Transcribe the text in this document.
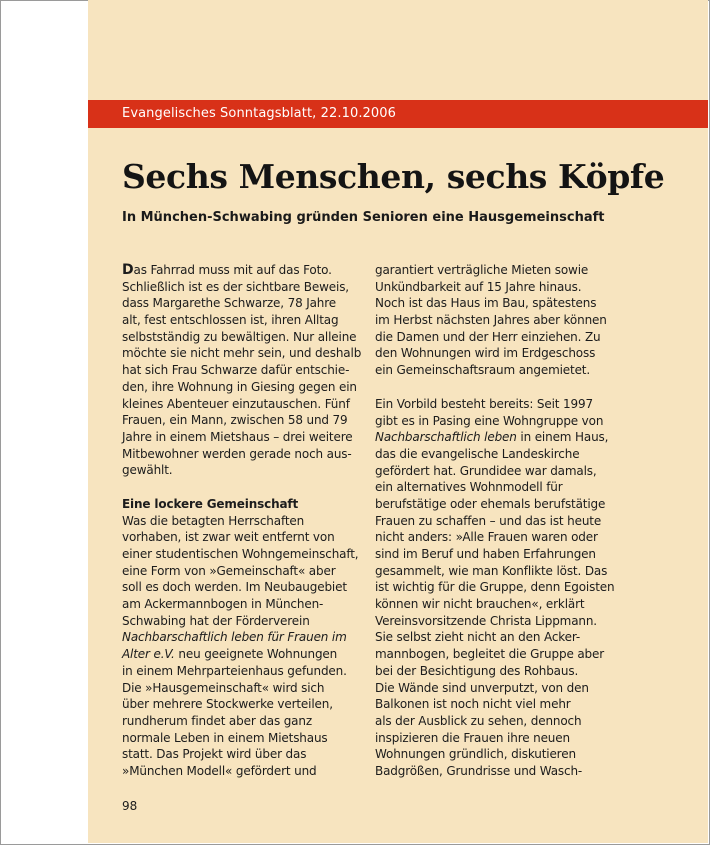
Evangelisches Sonntagsblatt, 22.10.2006
Sechs Menschen, sechs Köpfe
In München-Schwabing gründen Senioren eine Hausgemeinschaft
Das Fahrrad muss mit auf das Foto.
Schließlich ist es der sichtbare Beweis,
dass Margarethe Schwarze, 78 Jahre
alt, fest entschlossen ist, ihren Alltag
selbstständig zu bewältigen. Nur alleine
möchte sie nicht mehr sein, und deshalb
hat sich Frau Schwarze dafür entschie-
den, ihre Wohnung in Giesing gegen ein
kleines Abenteuer einzutauschen. Fünf
Frauen, ein Mann, zwischen 58 und 79
Jahre in einem Mietshaus – drei weitere
Mitbewohner werden gerade noch aus-
gewählt.
Eine lockere Gemeinschaft
Was die betagten Herrschaften
vorhaben, ist zwar weit entfernt von
einer studentischen Wohngemeinschaft,
eine Form von »Gemeinschaft« aber
soll es doch werden. Im Neubaugebiet
am Ackermannbogen in München-
Schwabing hat der Förderverein
Nachbarschaftlich leben für Frauen im
Alter e.V. neu geeignete Wohnungen
in einem Mehrparteienhaus gefunden.
Die »Hausgemeinschaft« wird sich
über mehrere Stockwerke verteilen,
rundherum findet aber das ganz
normale Leben in einem Mietshaus
statt. Das Projekt wird über das
»München Modell« gefördert und
garantiert verträgliche Mieten sowie
Unkündbarkeit auf 15 Jahre hinaus.
Noch ist das Haus im Bau, spätestens
im Herbst nächsten Jahres aber können
die Damen und der Herr einziehen. Zu
den Wohnungen wird im Erdgeschoss
ein Gemeinschaftsraum angemietet.
Ein Vorbild besteht bereits: Seit 1997
gibt es in Pasing eine Wohngruppe von
Nachbarschaftlich leben in einem Haus,
das die evangelische Landeskirche
gefördert hat. Grundidee war damals,
ein alternatives Wohnmodell für
berufstätige oder ehemals berufstätige
Frauen zu schaffen – und das ist heute
nicht anders: »Alle Frauen waren oder
sind im Beruf und haben Erfahrungen
gesammelt, wie man Konflikte löst. Das
ist wichtig für die Gruppe, denn Egoisten
können wir nicht brauchen«, erklärt
Vereinsvorsitzende Christa Lippmann.
Sie selbst zieht nicht an den Acker-
mannbogen, begleitet die Gruppe aber
bei der Besichtigung des Rohbaus.
Die Wände sind unverputzt, von den
Balkonen ist noch nicht viel mehr
als der Ausblick zu sehen, dennoch
inspizieren die Frauen ihre neuen
Wohnungen gründlich, diskutieren
Badgrößen, Grundrisse und Wasch-
98
